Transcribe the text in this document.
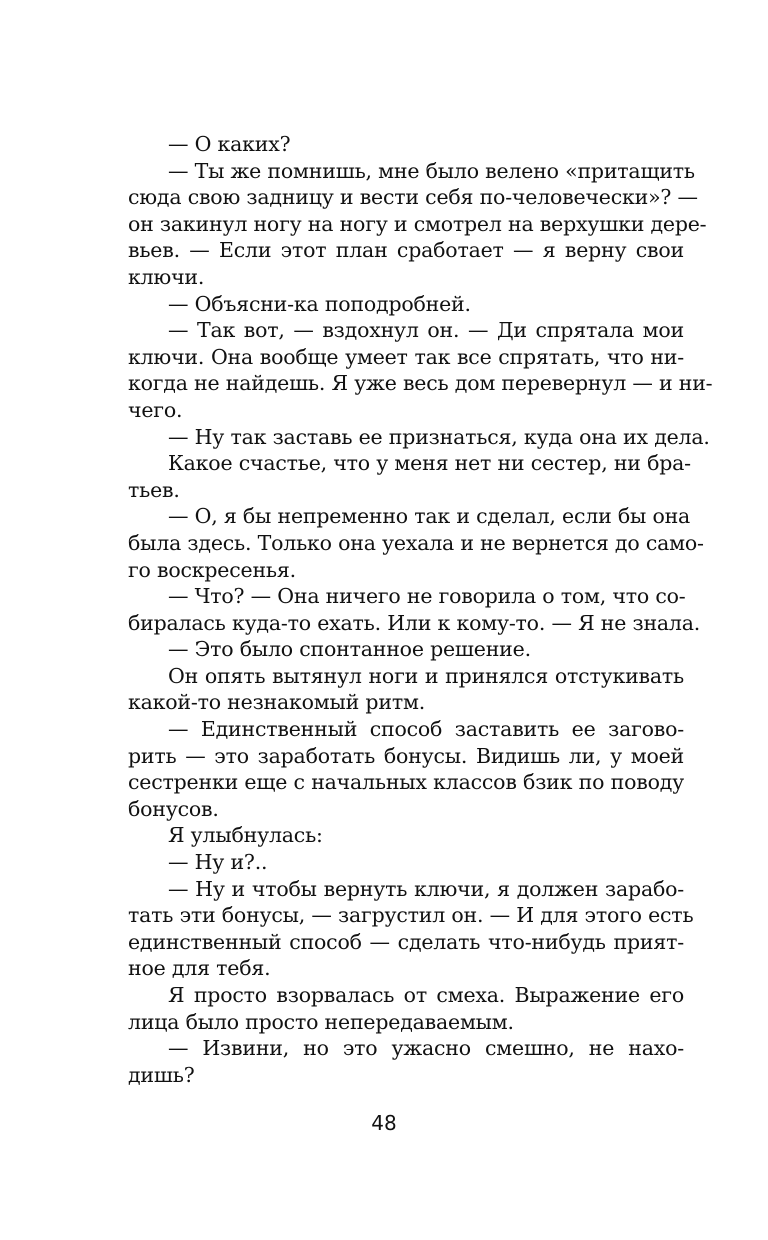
— О каких?
— Ты же помнишь, мне было велено «притащить
сюда свою задницу и вести себя по-человечески»? —
он закинул ногу на ногу и смотрел на верхушки дере-
вьев. — Если этот план сработает — я верну свои
ключи.
— Объясни-ка поподробней.
— Так вот, — вздохнул он. — Ди спрятала мои
ключи. Она вообще умеет так все спрятать, что ни-
когда не найдешь. Я уже весь дом перевернул — и ни-
чего.
— Ну так заставь ее признаться, куда она их дела.
Какое счастье, что у меня нет ни сестер, ни бра-
тьев.
— О, я бы непременно так и сделал, если бы она
была здесь. Только она уехала и не вернется до само-
го воскресенья.
— Что? — Она ничего не говорила о том, что со-
биралась куда-то ехать. Или к кому-то. — Я не знала.
— Это было спонтанное решение.
Он опять вытянул ноги и принялся отстукивать
какой-то незнакомый ритм.
— Единственный способ заставить ее загово-
рить — это заработать бонусы. Видишь ли, у моей
сестренки еще с начальных классов бзик по поводу
бонусов.
Я улыбнулась:
— Ну и?..
— Ну и чтобы вернуть ключи, я должен зарабо-
тать эти бонусы, — загрустил он. — И для этого есть
единственный способ — сделать что-нибудь прият-
ное для тебя.
Я просто взорвалась от смеха. Выражение его
лица было просто непередаваемым.
— Извини, но это ужасно смешно, не нахо-
дишь?
48
